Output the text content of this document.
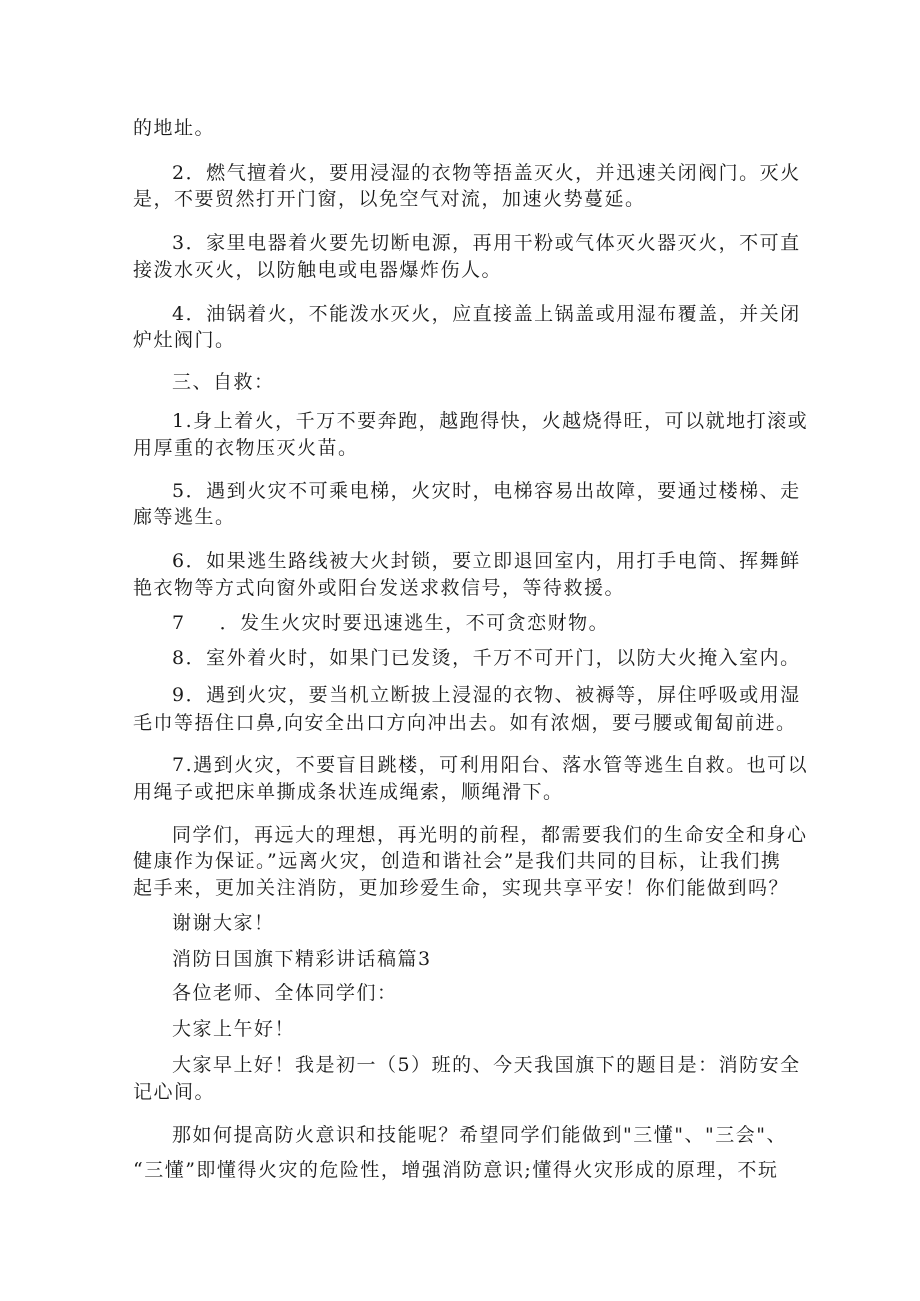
的地址。
2．燃气擅着火，要用浸湿的衣物等捂盖灭火，并迅速关闭阀门。灭火
是，不要贸然打开门窗，以免空气对流，加速火势蔓延。
3．家里电器着火要先切断电源，再用干粉或气体灭火器灭火，不可直
接泼水灭火，以防触电或电器爆炸伤人。
4．油锅着火，不能泼水灭火，应直接盖上锅盖或用湿布覆盖，并关闭
炉灶阀门。
三、自救：
1.身上着火，千万不要奔跑，越跑得快，火越烧得旺，可以就地打滚或
用厚重的衣物压灭火苗。
5．遇到火灾不可乘电梯，火灾时，电梯容易出故障，要通过楼梯、走
廊等逃生。
6．如果逃生路线被大火封锁，要立即退回室内，用打手电筒、挥舞鲜
艳衣物等方式向窗外或阳台发送求救信号，等待救援。
7 ．发生火灾时要迅速逃生，不可贪恋财物。
8．室外着火时，如果门已发烫，千万不可开门，以防大火掩入室内。
9．遇到火灾，要当机立断披上浸湿的衣物、被褥等，屏住呼吸或用湿
毛巾等捂住口鼻,向安全出口方向冲出去。如有浓烟，要弓腰或匍匐前进。
7.遇到火灾，不要盲目跳楼，可利用阳台、落水管等逃生自救。也可以
用绳子或把床单撕成条状连成绳索，顺绳滑下。
同学们，再远大的理想，再光明的前程，都需要我们的生命安全和身心
健康作为保证。”远离火灾，创造和谐社会”是我们共同的目标，让我们携
起手来，更加关注消防，更加珍爱生命，实现共享平安！你们能做到吗？
谢谢大家！
消防日国旗下精彩讲话稿篇3
各位老师、全体同学们：
大家上午好！
大家早上好！我是初一（5）班的、今天我国旗下的题目是：消防安全
记心间。
那如何提高防火意识和技能呢？希望同学们能做到"三懂"、"三会"、
“三懂”即懂得火灾的危险性，增强消防意识;懂得火灾形成的原理，不玩
